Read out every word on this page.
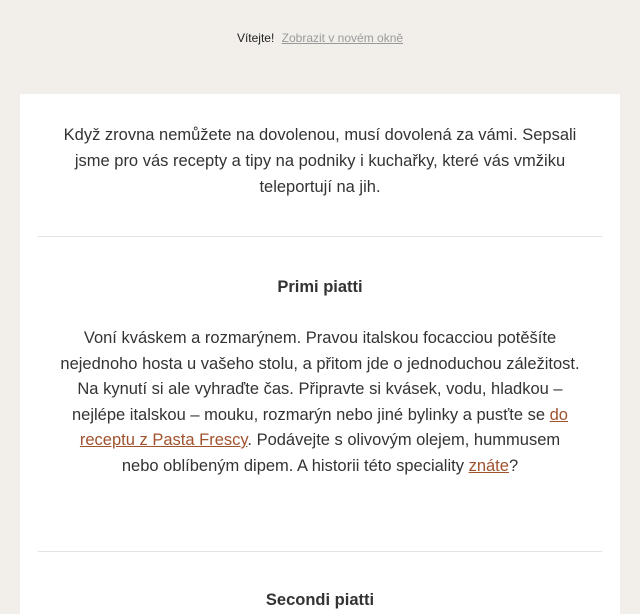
Vítejte! Zobrazit v novém okně
Když zrovna nemůžete na dovolenou, musí dovolená za vámi. Sepsali jsme pro vás recepty a tipy na podniky i kuchařky, které vás vmžiku teleportují na jih.
Primi piatti
Voní kváskem a rozmarýnem. Pravou italskou focacciou potěšíte nejednoho hosta u vašeho stolu, a přitom jde o jednoduchou záležitost. Na kynutí si ale vyhraďte čas. Připravte si kvásek, vodu, hladkou – nejlépe italskou – mouku, rozmarýn nebo jiné bylinky a pusťte se do receptu z Pasta Frescy. Podávejte s olivovým olejem, hummusem nebo oblíbeným dipem. A historii této speciality znáte?
Secondi piatti
